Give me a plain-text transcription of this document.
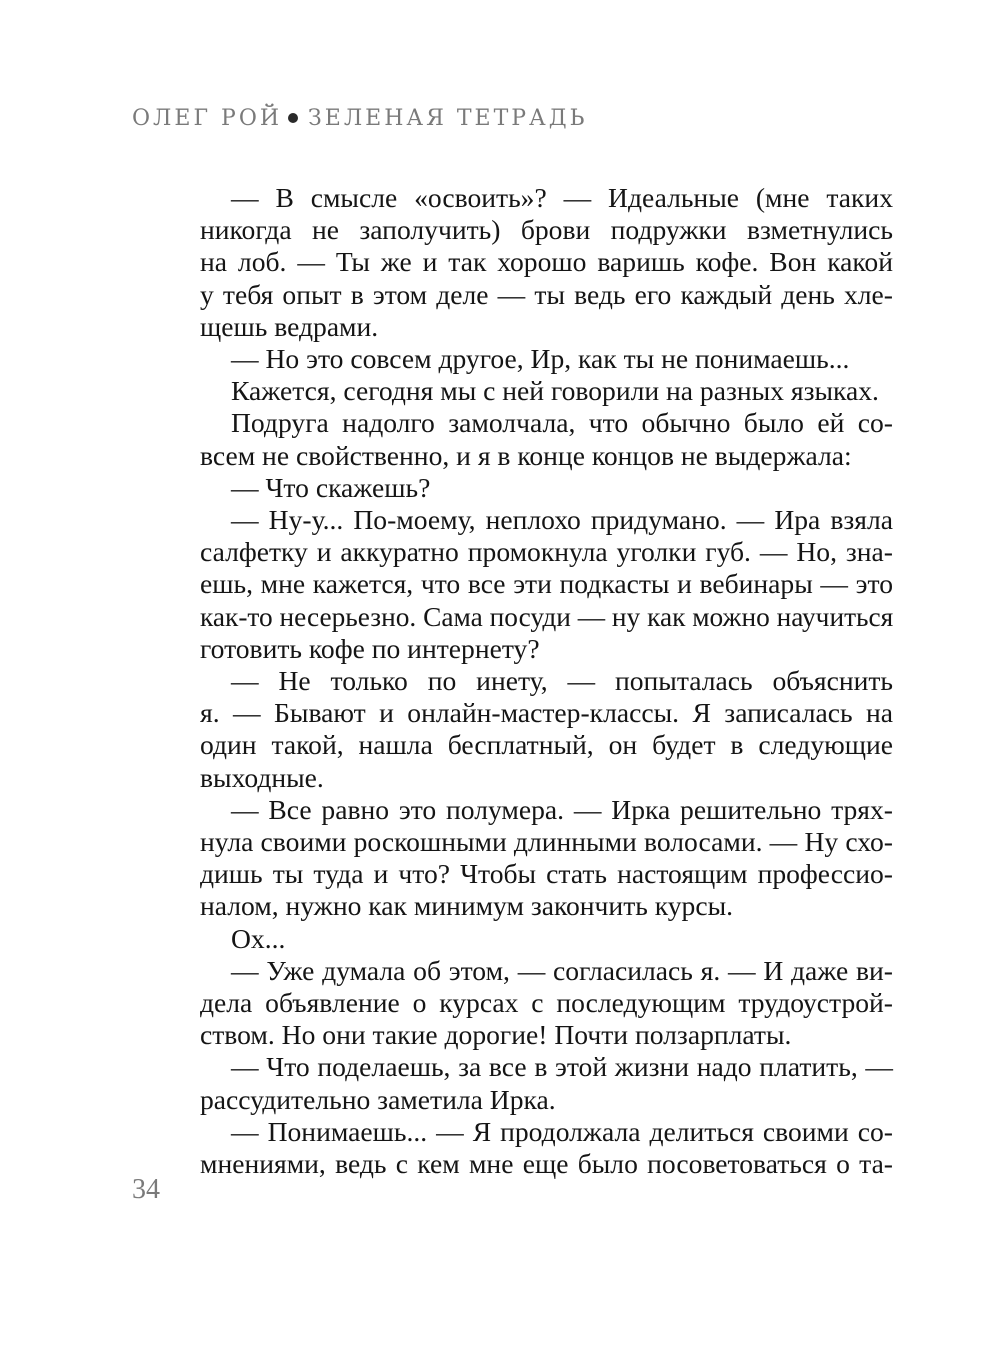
ОЛЕГ РОЙ ЗЕЛЕНАЯ ТЕТРАДЬ
— В смысле «освоить»? — Идеальные (мне таких
никогда не заполучить) брови подружки взметнулись
на лоб. — Ты же и так хорошо варишь кофе. Вон какой
у тебя опыт в этом деле — ты ведь его каждый день хле-
щешь ведрами.
— Но это совсем другое, Ир, как ты не понимаешь...
Кажется, сегодня мы с ней говорили на разных языках.
Подруга надолго замолчала, что обычно было ей со-
всем не свойственно, и я в конце концов не выдержала:
— Что скажешь?
— Ну-у... По-моему, неплохо придумано. — Ира взяла
салфетку и аккуратно промокнула уголки губ. — Но, зна-
ешь, мне кажется, что все эти подкасты и вебинары — это
как-то несерьезно. Сама посуди — ну как можно научиться
готовить кофе по интернету?
— Не только по инету, — попыталась объяснить
я. — Бывают и онлайн-мастер-классы. Я записалась на
один такой, нашла бесплатный, он будет в следующие
выходные.
— Все равно это полумера. — Ирка решительно трях-
нула своими роскошными длинными волосами. — Ну схо-
дишь ты туда и что? Чтобы стать настоящим профессио-
налом, нужно как минимум закончить курсы.
Ох...
— Уже думала об этом, — согласилась я. — И даже ви-
дела объявление о курсах с последующим трудоустрой-
ством. Но они такие дорогие! Почти ползарплаты.
— Что поделаешь, за все в этой жизни надо платить, —
рассудительно заметила Ирка.
— Понимаешь... — Я продолжала делиться своими со-
мнениями, ведь с кем мне еще было посоветоваться о та-
34
